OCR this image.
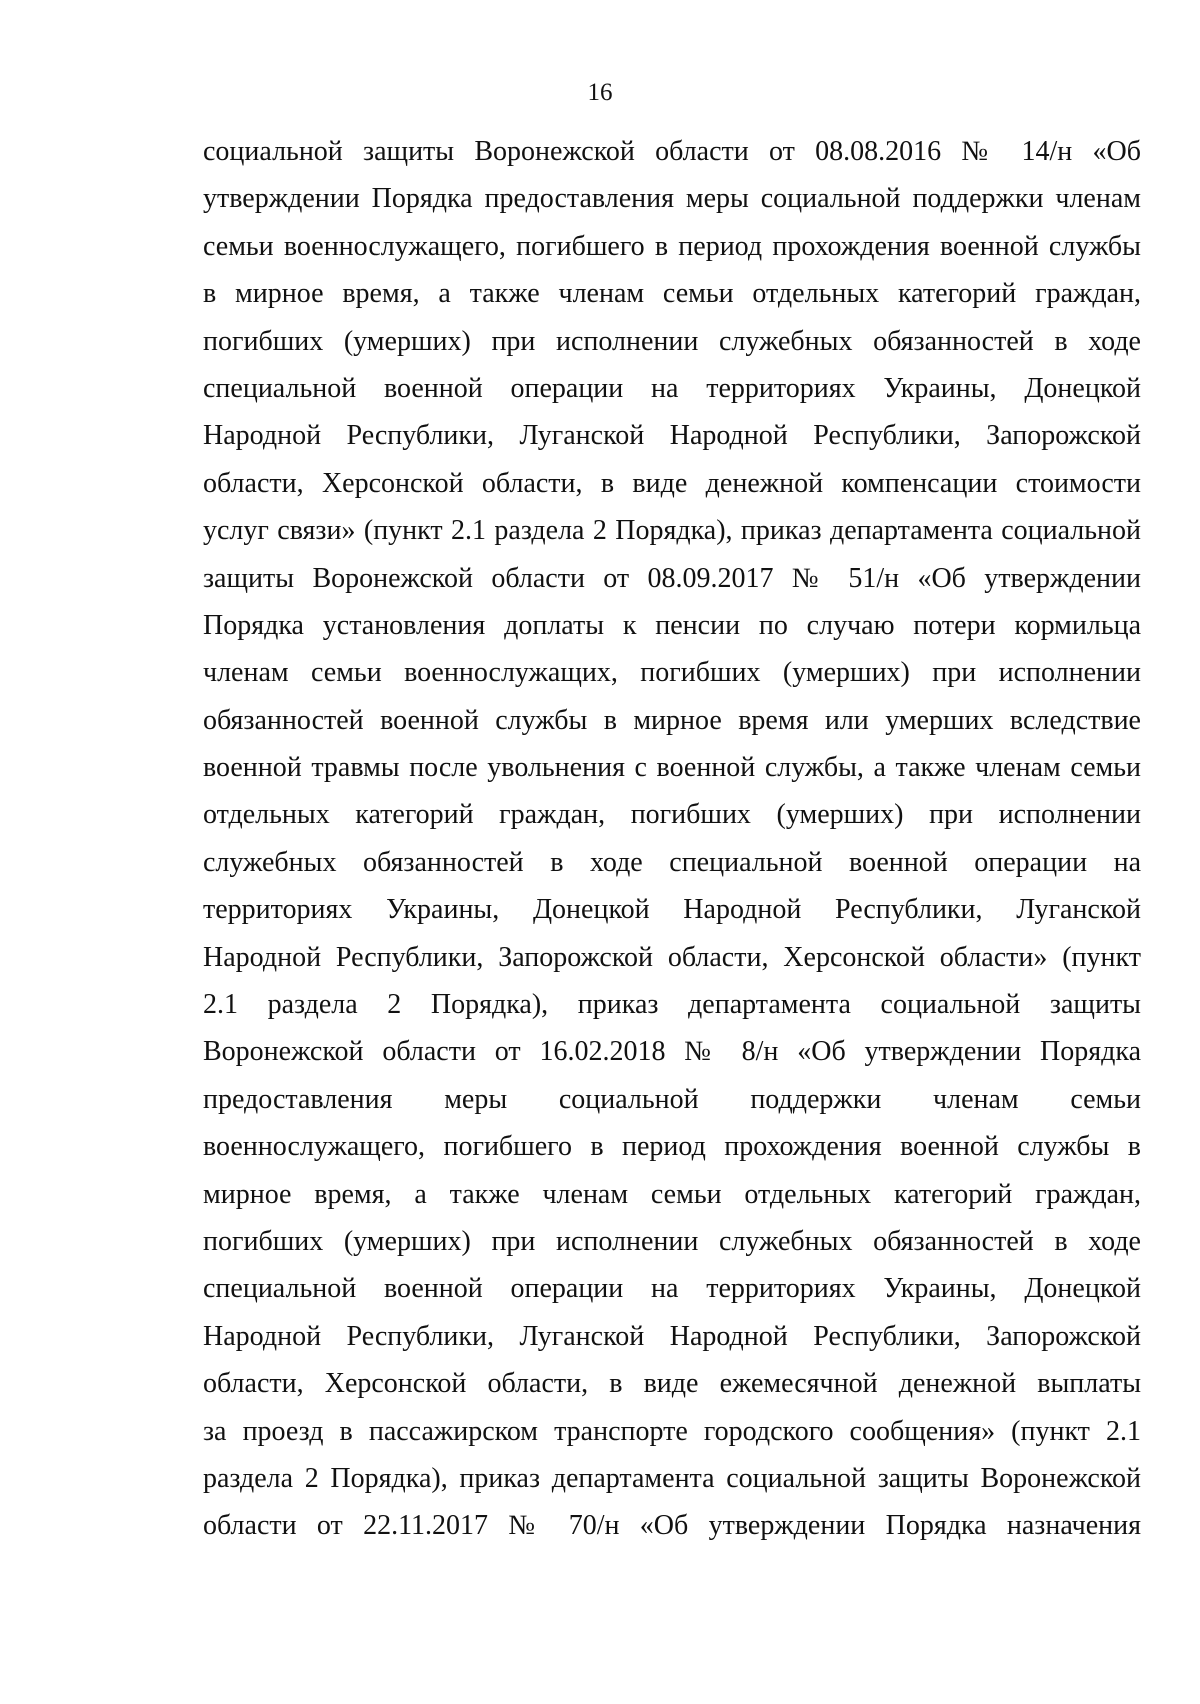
16
социальной защиты Воронежской области от 08.08.2016 № 14/н «Об
утверждении Порядка предоставления меры социальной поддержки членам
семьи военнослужащего, погибшего в период прохождения военной службы
в мирное время, а также членам семьи отдельных категорий граждан,
погибших (умерших) при исполнении служебных обязанностей в ходе
специальной военной операции на территориях Украины, Донецкой
Народной Республики, Луганской Народной Республики, Запорожской
области, Херсонской области, в виде денежной компенсации стоимости
услуг связи» (пункт 2.1 раздела 2 Порядка), приказ департамента социальной
защиты Воронежской области от 08.09.2017 № 51/н «Об утверждении
Порядка установления доплаты к пенсии по случаю потери кормильца
членам семьи военнослужащих, погибших (умерших) при исполнении
обязанностей военной службы в мирное время или умерших вследствие
военной травмы после увольнения с военной службы, а также членам семьи
отдельных категорий граждан, погибших (умерших) при исполнении
служебных обязанностей в ходе специальной военной операции на
территориях Украины, Донецкой Народной Республики, Луганской
Народной Республики, Запорожской области, Херсонской области» (пункт
2.1 раздела 2 Порядка), приказ департамента социальной защиты
Воронежской области от 16.02.2018 № 8/н «Об утверждении Порядка
предоставления меры социальной поддержки членам семьи
военнослужащего, погибшего в период прохождения военной службы в
мирное время, а также членам семьи отдельных категорий граждан,
погибших (умерших) при исполнении служебных обязанностей в ходе
специальной военной операции на территориях Украины, Донецкой
Народной Республики, Луганской Народной Республики, Запорожской
области, Херсонской области, в виде ежемесячной денежной выплаты
за проезд в пассажирском транспорте городского сообщения» (пункт 2.1
раздела 2 Порядка), приказ департамента социальной защиты Воронежской
области от 22.11.2017 № 70/н «Об утверждении Порядка назначения
